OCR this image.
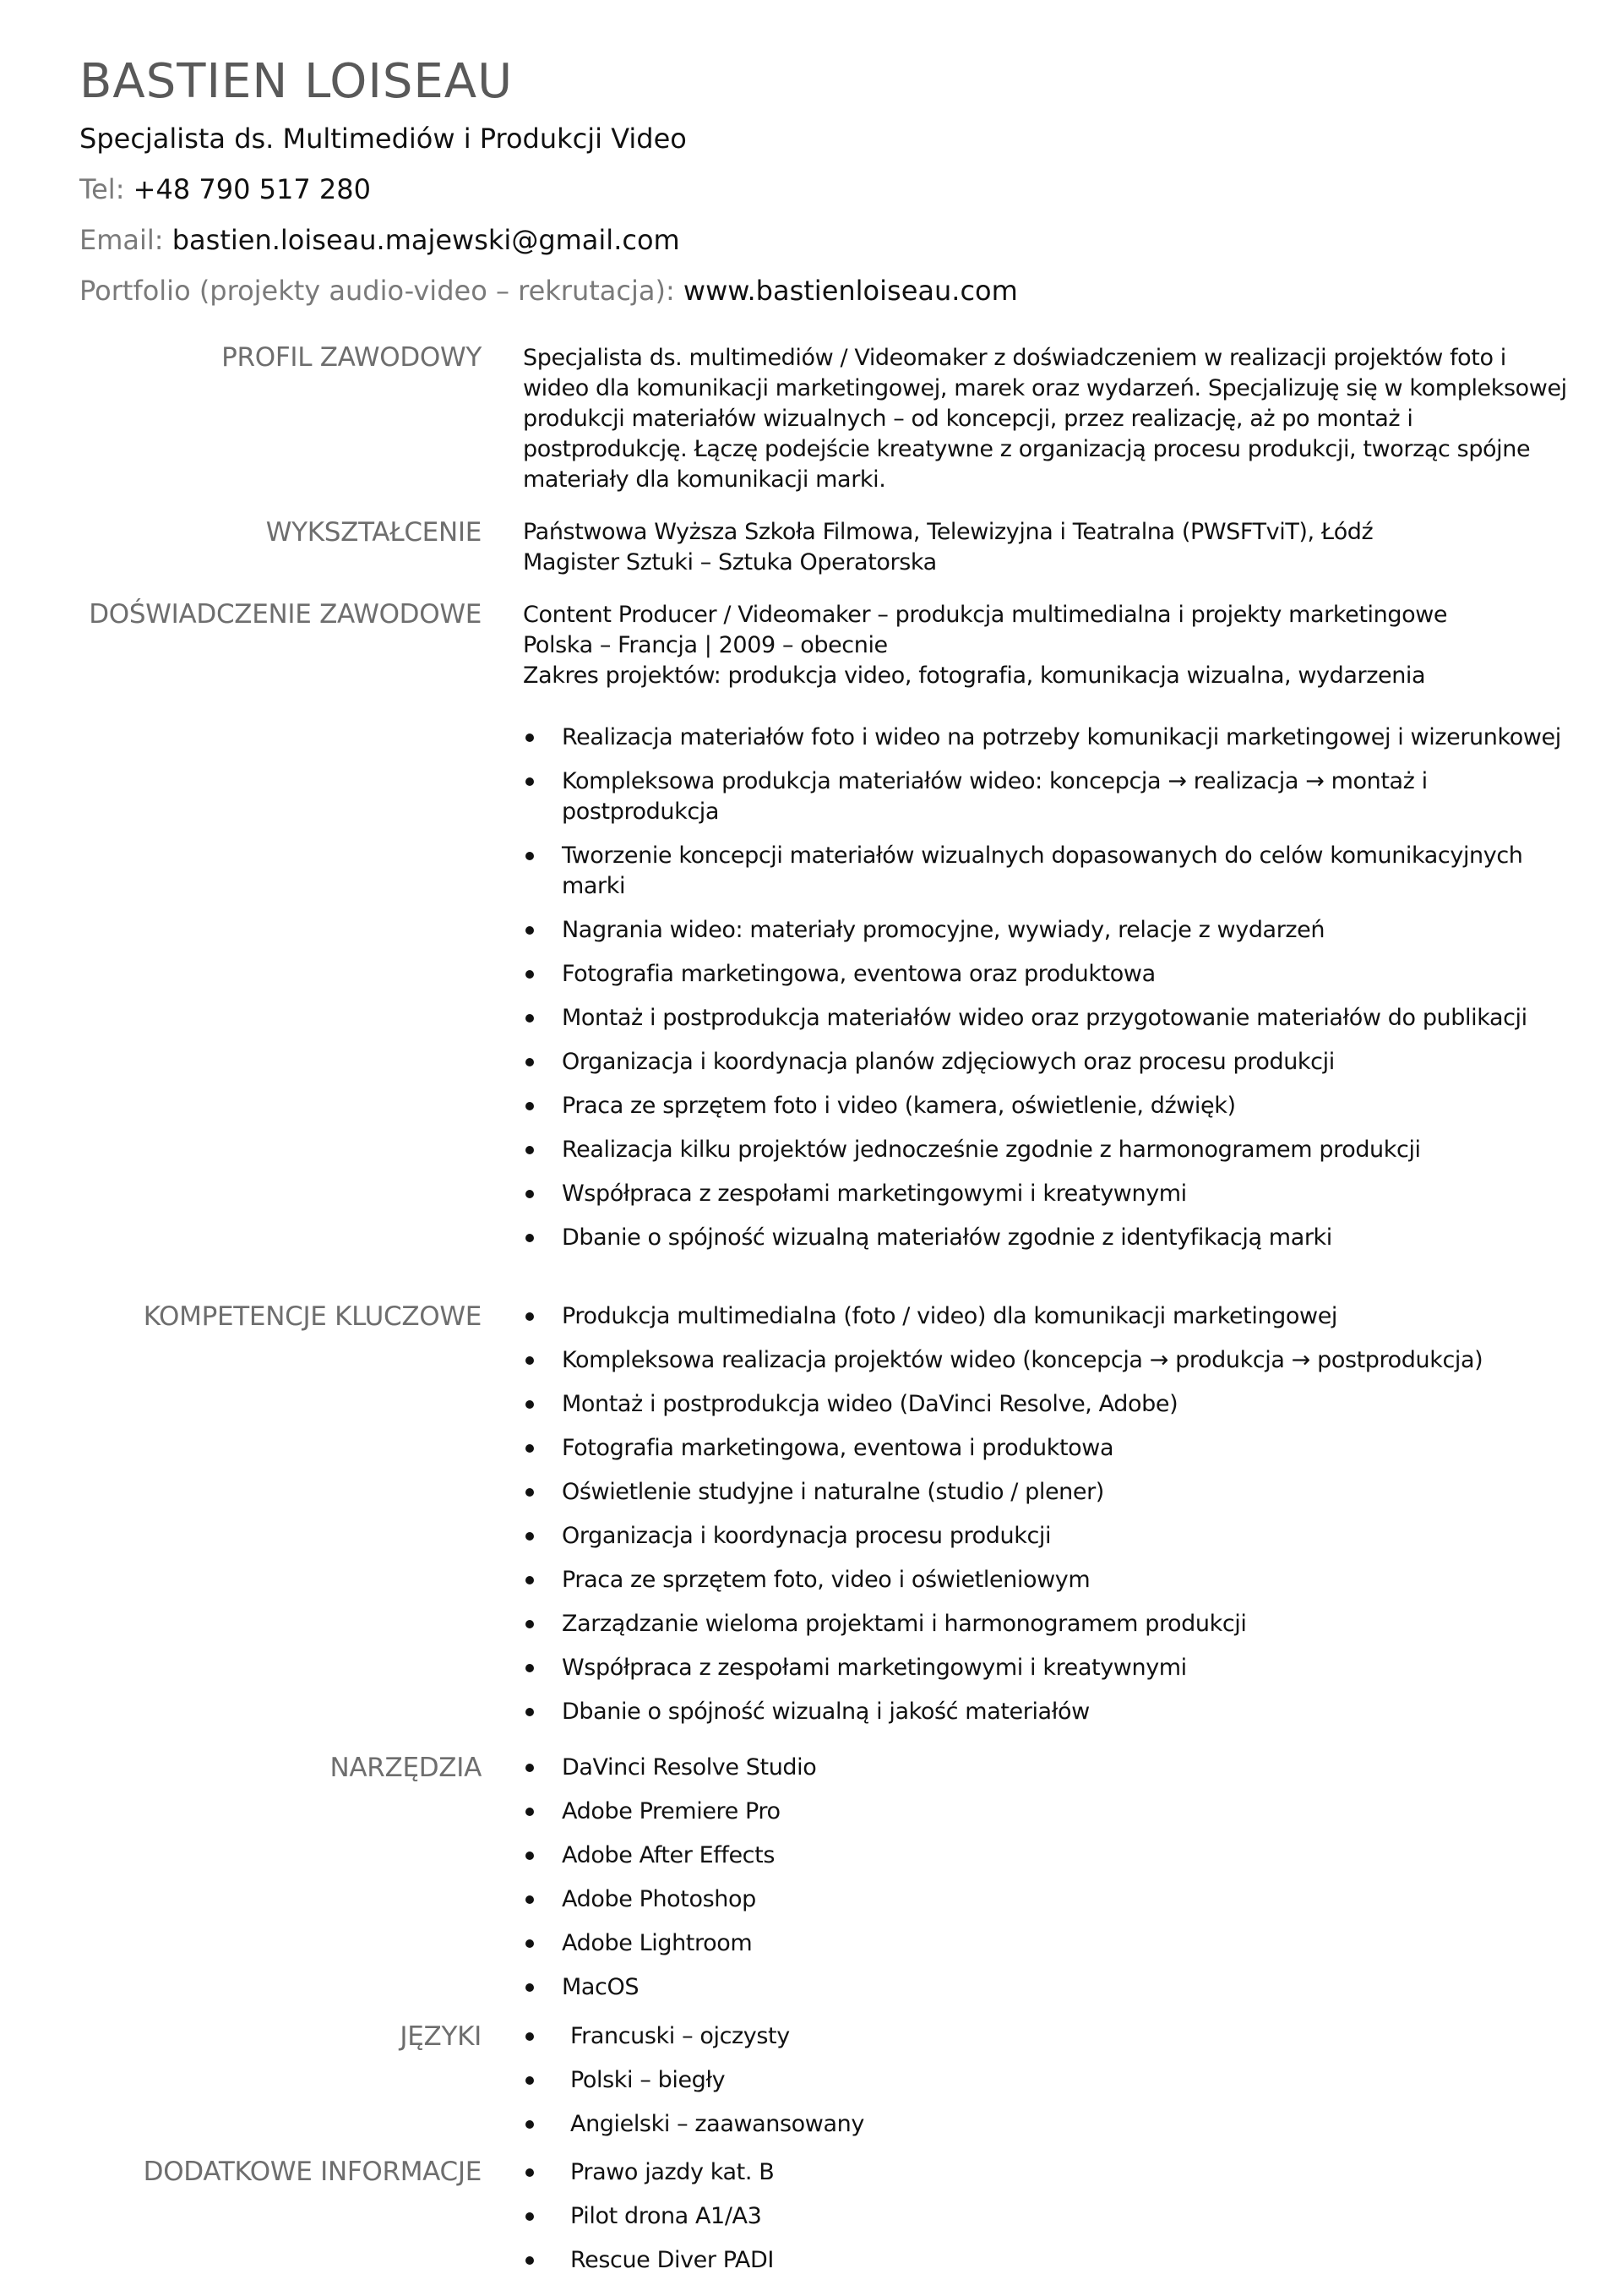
BASTIEN LOISEAU
Specjalista ds. Multimediów i Produkcji Video
Tel: +48 790 517 280
Email: bastien.loiseau.majewski@gmail.com
Portfolio (projekty audio-video – rekrutacja): www.bastienloiseau.com
PROFIL ZAWODOWY Specjalista ds. multimediów / Videomaker z doświadczeniem w realizacji projektów foto i wideo dla komunikacji marketingowej, marek oraz wydarzeń. Specjalizuję się w kompleksowej produkcji materiałów wizualnych – od koncepcji, przez realizację, aż po montaż i postprodukcję. Łączę podejście kreatywne z organizacją procesu produkcji, tworząc spójne materiały dla komunikacji marki.
WYKSZTAŁCENIE Państwowa Wyższa Szkoła Filmowa, Telewizyjna i Teatralna (PWSFTviT), Łódź
Magister Sztuki – Sztuka Operatorska
DOŚWIADCZENIE ZAWODOWE Content Producer / Videomaker – produkcja multimedialna i projekty marketingowe
Polska – Francja | 2009 – obecnie
Zakres projektów: produkcja video, fotografia, komunikacja wizualna, wydarzenia
Realizacja materiałów foto i wideo na potrzeby komunikacji marketingowej i wizerunkowej
Kompleksowa produkcja materiałów wideo: koncepcja → realizacja → montaż i postprodukcja
Tworzenie koncepcji materiałów wizualnych dopasowanych do celów komunikacyjnych marki
Nagrania wideo: materiały promocyjne, wywiady, relacje z wydarzeń
Fotografia marketingowa, eventowa oraz produktowa
Montaż i postprodukcja materiałów wideo oraz przygotowanie materiałów do publikacji
Organizacja i koordynacja planów zdjęciowych oraz procesu produkcji
Praca ze sprzętem foto i video (kamera, oświetlenie, dźwięk)
Realizacja kilku projektów jednocześnie zgodnie z harmonogramem produkcji
Współpraca z zespołami marketingowymi i kreatywnymi
Dbanie o spójność wizualną materiałów zgodnie z identyfikacją marki
KOMPETENCJE KLUCZOWE	Produkcja multimedialna (foto / video) dla komunikacji marketingowej
Kompleksowa realizacja projektów wideo (koncepcja → produkcja → postprodukcja)
Montaż i postprodukcja wideo (DaVinci Resolve, Adobe)
Fotografia marketingowa, eventowa i produktowa
Oświetlenie studyjne i naturalne (studio / plener)
Organizacja i koordynacja procesu produkcji
Praca ze sprzętem foto, video i oświetleniowym
Zarządzanie wieloma projektami i harmonogramem produkcji
Współpraca z zespołami marketingowymi i kreatywnymi
Dbanie o spójność wizualną i jakość materiałów
NARZĘDZIA	DaVinci Resolve Studio
Adobe Premiere Pro
Adobe After Effects
Adobe Photoshop
Adobe Lightroom
MacOS
JĘZYKI	Francuski – ojczysty
Polski – biegły
Angielski – zaawansowany
DODATKOWE INFORMACJE	Prawo jazdy kat. B
Pilot drona A1/A3
Rescue Diver PADI
